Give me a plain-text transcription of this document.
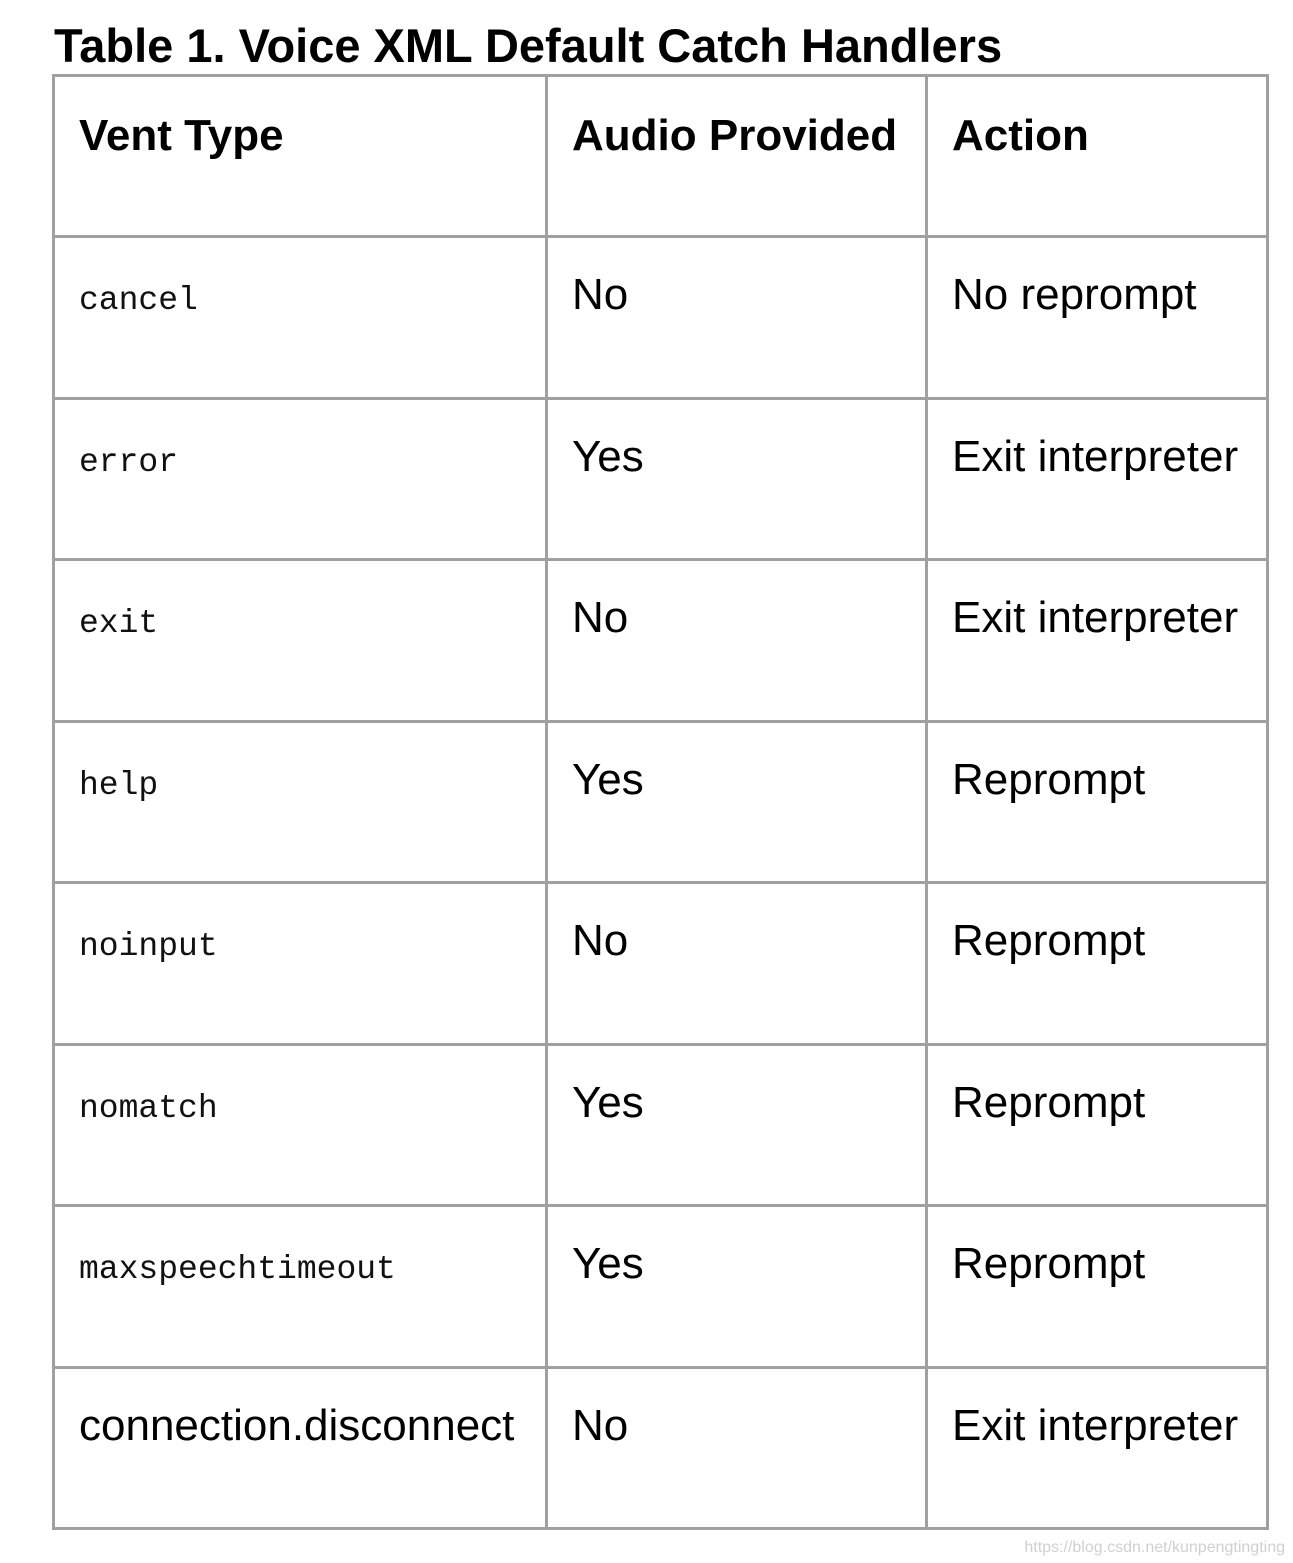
Table 1. Voice XML Default Catch Handlers
Vent Type	Audio Provided	Action
cancel	No	No reprompt
error	Yes	Exit interpreter
exit	No	Exit interpreter
help	Yes	Reprompt
noinput	No	Reprompt
nomatch	Yes	Reprompt
maxspeechtimeout	Yes	Reprompt
connection.disconnect	No	Exit interpreter
https://blog.csdn.net/kunpengtingting
